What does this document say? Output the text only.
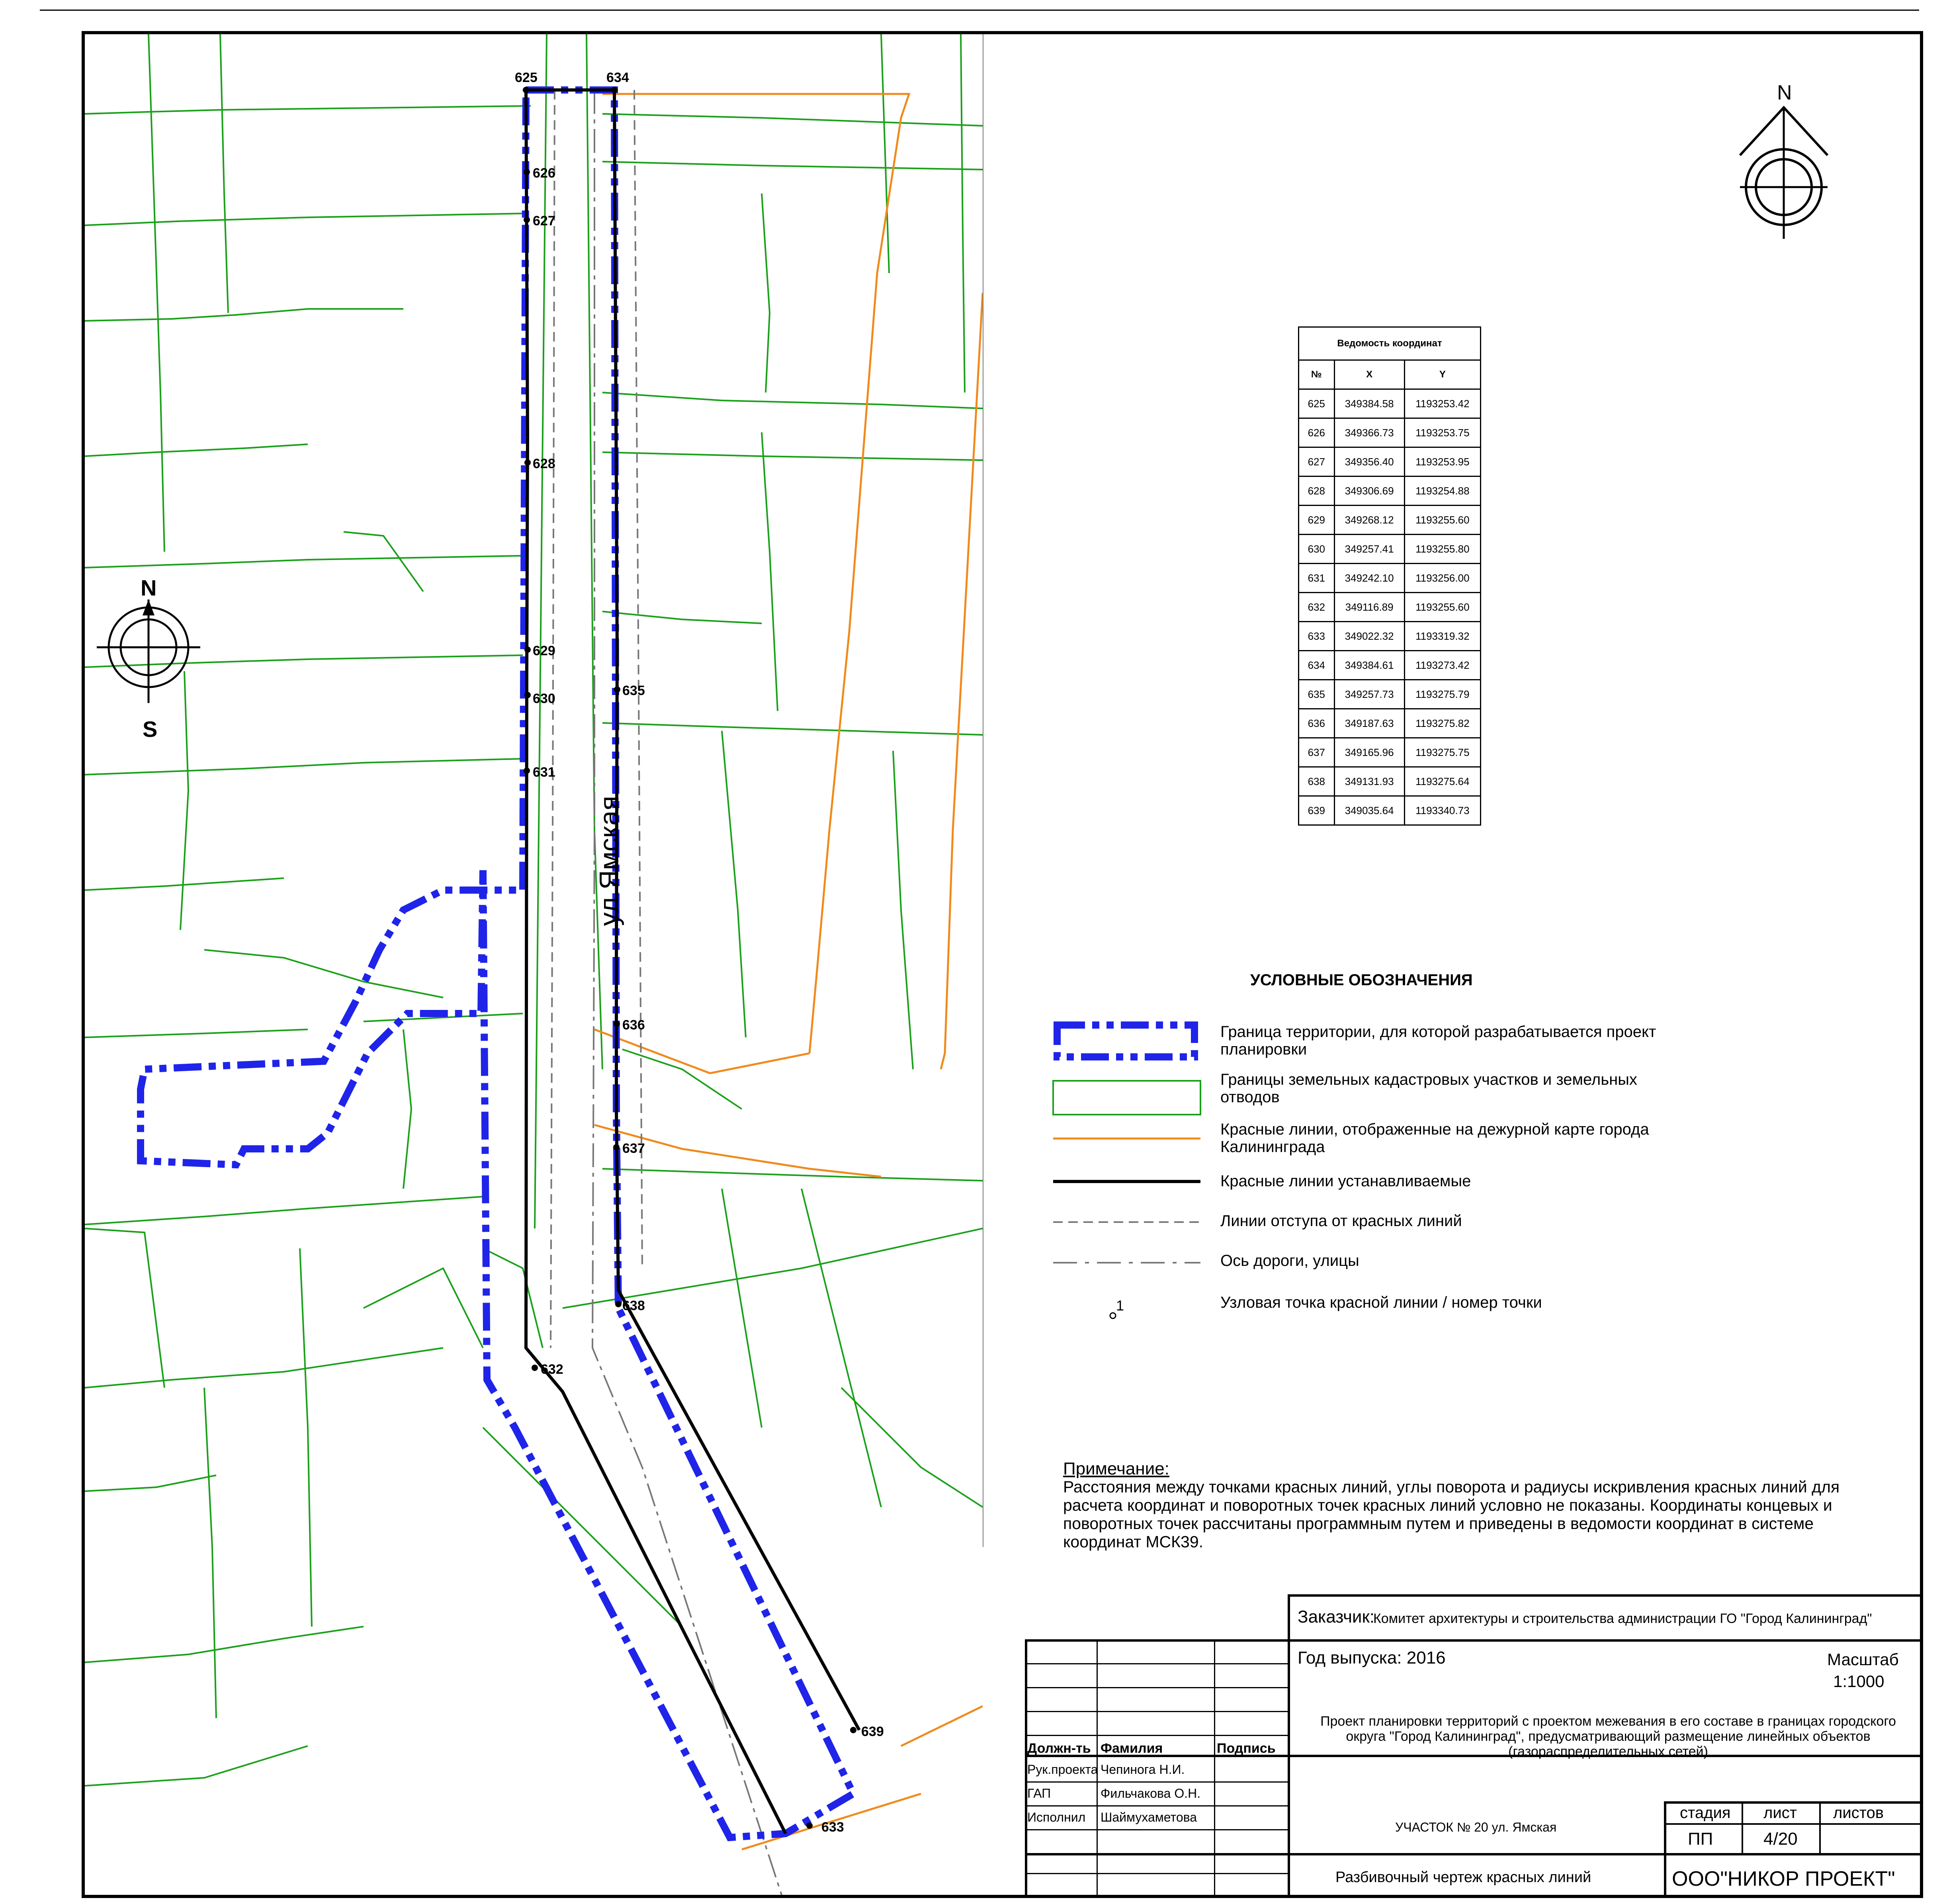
625	634
626
627
628
629
630
631
635
636
637
638
632
639
633
ул.Ямская
N
S
N
Ведомость координат		
№	X	Y
625	349384.58	1193253.42
626	349366.73	1193253.75
627	349356.40	1193253.95
628	349306.69	1193254.88
629	349268.12	1193255.60
630	349257.41	1193255.80
631	349242.10	1193256.00
632	349116.89	1193255.60
633	349022.32	1193319.32
634	349384.61	1193273.42
635	349257.73	1193275.79
636	349187.63	1193275.82
637	349165.96	1193275.75
638	349131.93	1193275.64
639	349035.64	1193340.73
УСЛОВНЫЕ ОБОЗНАЧЕНИЯ
1
Граница территории, для которой разрабатывается проект планировки
Границы земельных кадастровых участков и земельных отводов
Красные линии, отображенные на дежурной карте города Калининграда
Красные линии устанавливаемые
Линии отступа от красных линий
Ось дороги, улицы
Узловая точка красной линии / номер точки
Примечание:
Расстояния между точками красных линий, углы поворота и радиусы искривления красных линий для расчета координат и поворотных точек красных линий условно не показаны. Координаты концевых и поворотных точек рассчитаны программным путем и приведены в ведомости координат в системе координат МСК39.
Заказчик:
Комитет архитектуры и строительства администрации ГО "Город Калининград"
Год выпуска: 2016	Масштаб
1:1000
Должн-ть Фамилия	Подпись
Рук.проекта Чепинога Н.И.
ГАП	Фильчакова О.Н.
Исполнил Шаймухаметова
Проект планировки территорий с проектом межевания в его составе в границах городского округа "Город Калининград", предусматривающий размещение линейных объектов (газораспределительных сетей)
УЧАСТОК № 20 ул. Ямская
стадия лист листов
ПП	4/20
Разбивочный чертеж красных линий	ООО"НИКОР ПРОЕКТ"
